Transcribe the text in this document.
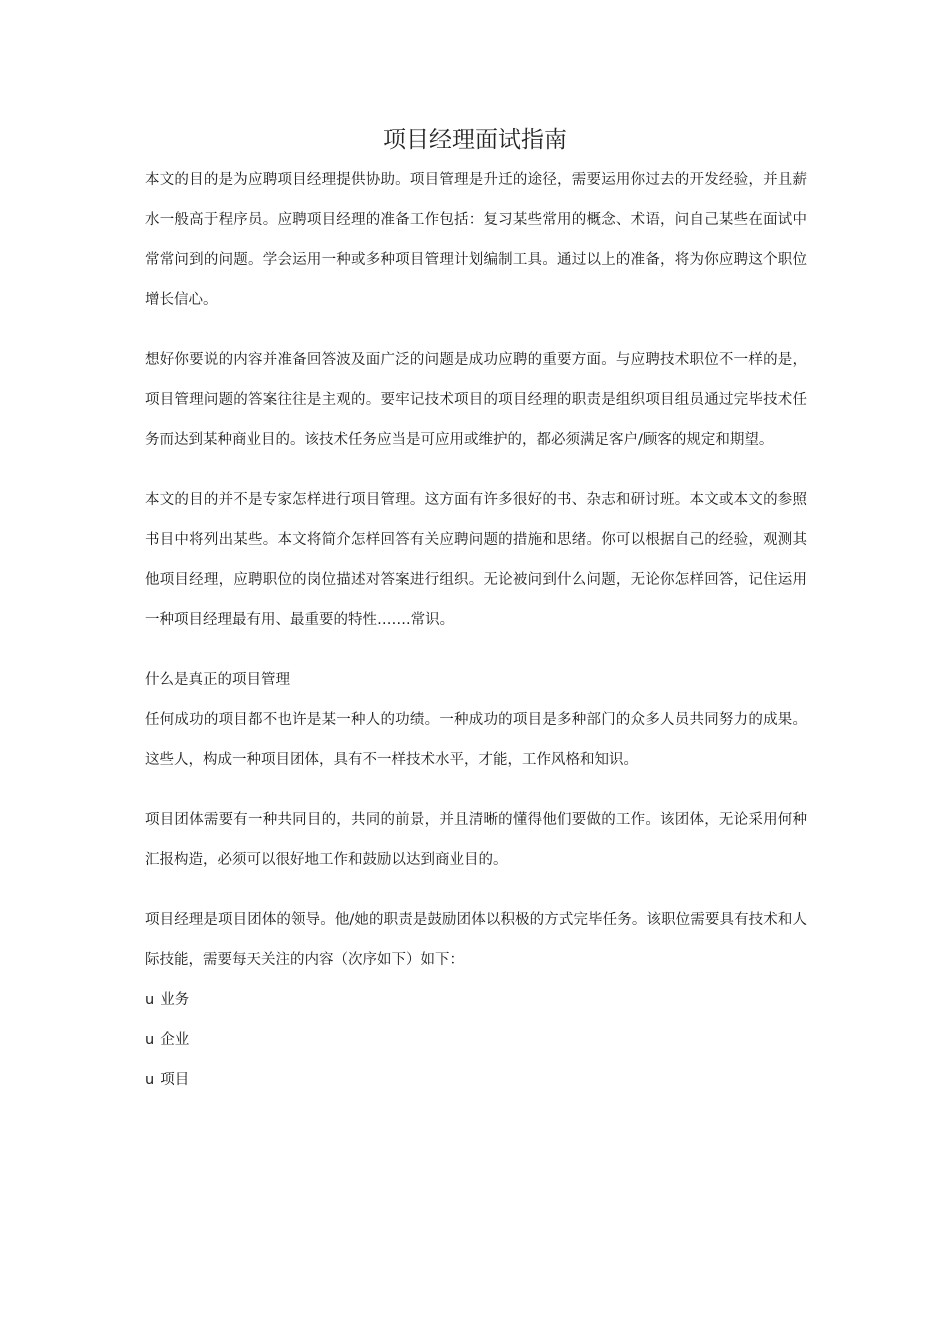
项目经理面试指南

本文的目的是为应聘项目经理提供协助。项目管理是升迁的途径，需要运用你过去的开发经验，并且薪水一般高于程序员。应聘项目经理的准备工作包括：复习某些常用的概念、术语，问自己某些在面试中常常问到的问题。学会运用一种或多种项目管理计划编制工具。通过以上的准备，将为你应聘这个职位增长信心。

想好你要说的内容并准备回答波及面广泛的问题是成功应聘的重要方面。与应聘技术职位不一样的是，项目管理问题的答案往往是主观的。要牢记技术项目的项目经理的职责是组织项目组员通过完毕技术任务而达到某种商业目的。该技术任务应当是可应用或维护的，都必须满足客户/顾客的规定和期望。

本文的目的并不是专家怎样进行项目管理。这方面有许多很好的书、杂志和研讨班。本文或本文的参照书目中将列出某些。本文将简介怎样回答有关应聘问题的措施和思绪。你可以根据自己的经验，观测其他项目经理，应聘职位的岗位描述对答案进行组织。无论被问到什么问题，无论你怎样回答，记住运用一种项目经理最有用、最重要的特性…….常识。

什么是真正的项目管理

任何成功的项目都不也许是某一种人的功绩。一种成功的项目是多种部门的众多人员共同努力的成果。这些人，构成一种项目团体，具有不一样技术水平，才能，工作风格和知识。

项目团体需要有一种共同目的，共同的前景，并且清晰的懂得他们要做的工作。该团体，无论采用何种汇报构造，必须可以很好地工作和鼓励以达到商业目的。

项目经理是项目团体的领导。他/她的职责是鼓励团体以积极的方式完毕任务。该职位需要具有技术和人际技能，需要每天关注的内容（次序如下）如下：

u 业务

u 企业

u 项目
